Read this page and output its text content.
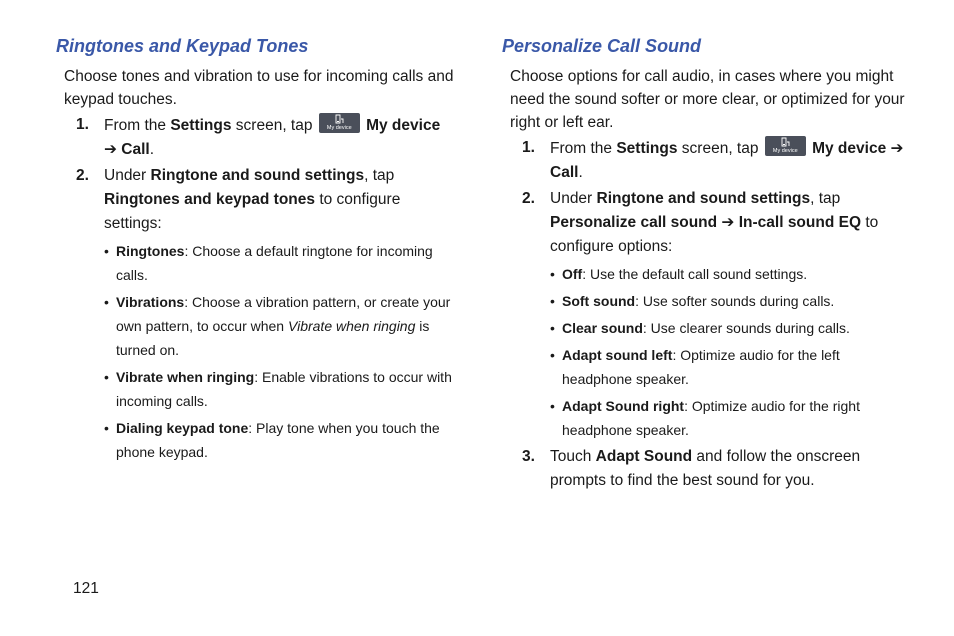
Ringtones and Keypad Tones

Choose tones and vibration to use for incoming calls and keypad touches.

1. From the Settings screen, tap	My device My device ➔ Call.
2. Under Ringtone and sound settings, tap Ringtones and keypad tones to configure settings:
• Ringtones: Choose a default ringtone for incoming calls.
• Vibrations: Choose a vibration pattern, or create your own pattern, to occur when Vibrate when ringing is turned on.
• Vibrate when ringing: Enable vibrations to occur with incoming calls.
• Dialing keypad tone: Play tone when you touch the phone keypad.
Personalize Call Sound

Choose options for call audio, in cases where you might need the sound softer or more clear, or optimized for your right or left ear.

1. From the Settings screen, tap	My device My device ➔ Call.
2. Under Ringtone and sound settings, tap Personalize call sound ➔ In-call sound EQ to configure options:
• Off: Use the default call sound settings.
• Soft sound: Use softer sounds during calls.
• Clear sound: Use clearer sounds during calls.
• Adapt sound left: Optimize audio for the left headphone speaker.
• Adapt Sound right: Optimize audio for the right headphone speaker.
3. Touch Adapt Sound and follow the onscreen prompts to find the best sound for you.
121
